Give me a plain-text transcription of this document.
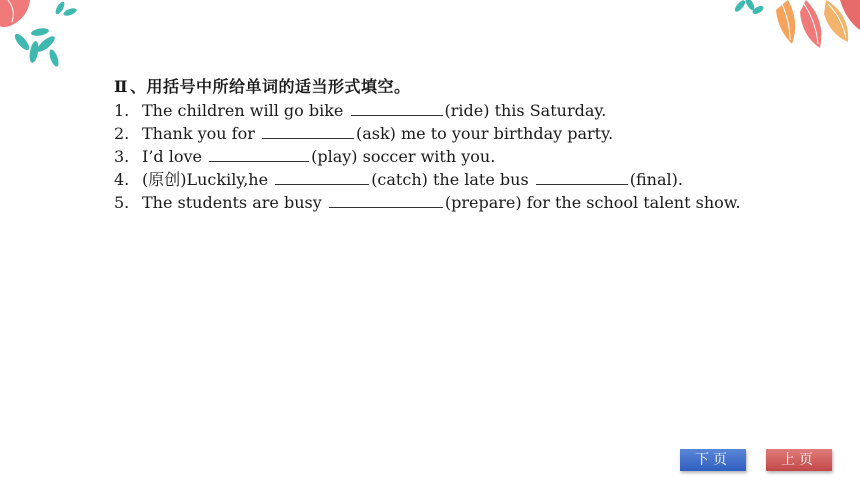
Ⅱ 、用括号中所给单词的适当形式填空。
1. The children will go bike	(ride) this Saturday.
2. Thank you for	(ask) me to your birthday party.
3. I’d love	(play) soccer with you.
4. (原创)Luckily,he	(catch) the late bus	(final).
5. The students are busy	(prepare) for the school talent show.
下页	上页
